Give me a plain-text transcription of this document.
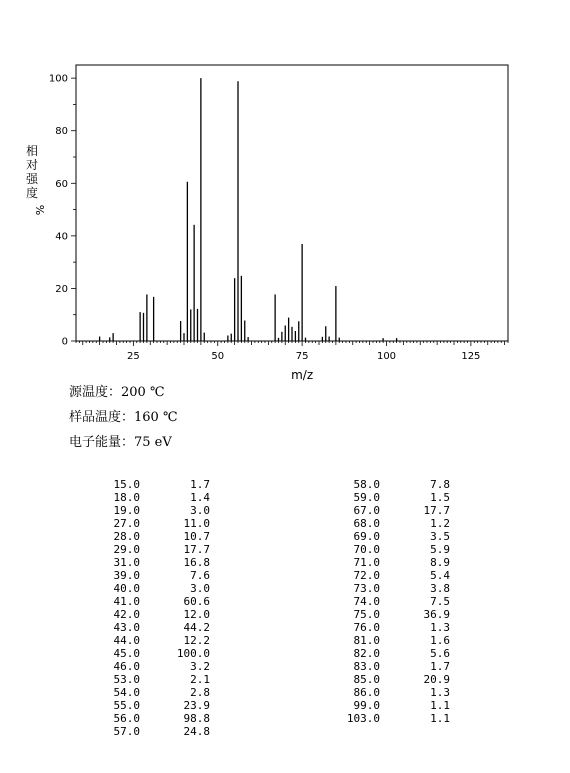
25	50	75	100	125
0
20
40
60
80
100
相
对
强
度
%
m/z
源温度：200 ℃
样品温度：160 ℃
电子能量：75 eV
15.0	1.7
18.0	1.4
19.0	3.0
27.0	11.0
28.0	10.7
29.0	17.7
31.0	16.8
39.0	7.6
40.0	3.0
41.0	60.6
42.0	12.0
43.0	44.2
44.0	12.2
45.0	100.0
46.0	3.2
53.0	2.1
54.0	2.8
55.0	23.9
56.0	98.8
57.0	24.8
58.0	7.8
59.0	1.5
67.0	17.7
68.0	1.2
69.0	3.5
70.0	5.9
71.0	8.9
72.0	5.4
73.0	3.8
74.0	7.5
75.0	36.9
76.0	1.3
81.0	1.6
82.0	5.6
83.0	1.7
85.0	20.9
86.0	1.3
99.0	1.1
103.0	1.1
